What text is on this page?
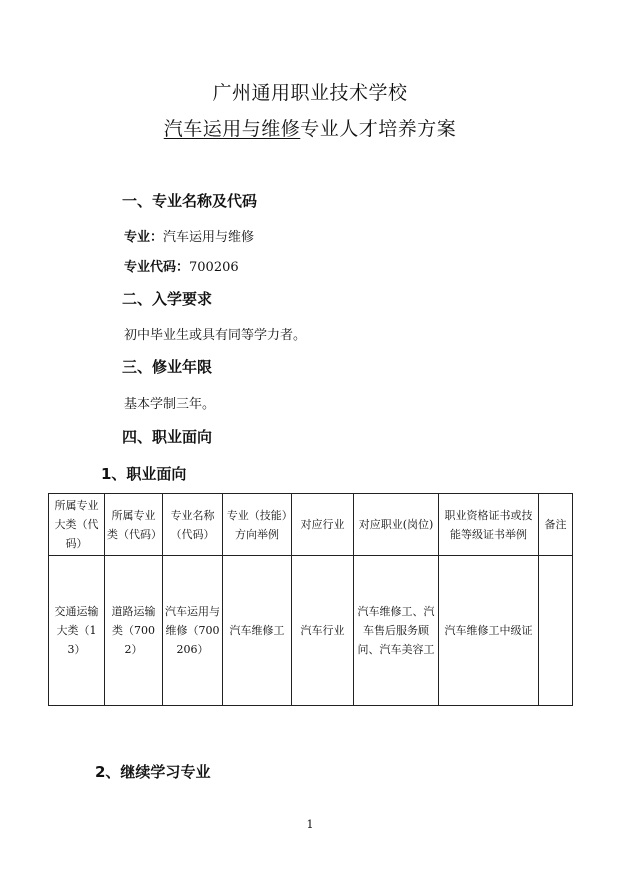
广州通用职业技术学校
汽车运用与维修专业人才培养方案
一、专业名称及代码
专业：汽车运用与维修
专业代码：700206
二、入学要求
初中毕业生或具有同等学力者。
三、修业年限
基本学制三年。
四、职业面向
1、职业面向
所属专业大类（代码）	所属专业类（代码）	专业名称（代码）	专业（技能）方向举例	对应行业	对应职业(岗位)	职业资格证书或技能等级证书举例	备注
交通运输大类（13）	道路运输类（7002）	汽车运用与维修（700206）	汽车维修工	汽车行业	汽车维修工、汽车售后服务顾问、汽车美容工	汽车维修工中级证	
2、继续学习专业
1
